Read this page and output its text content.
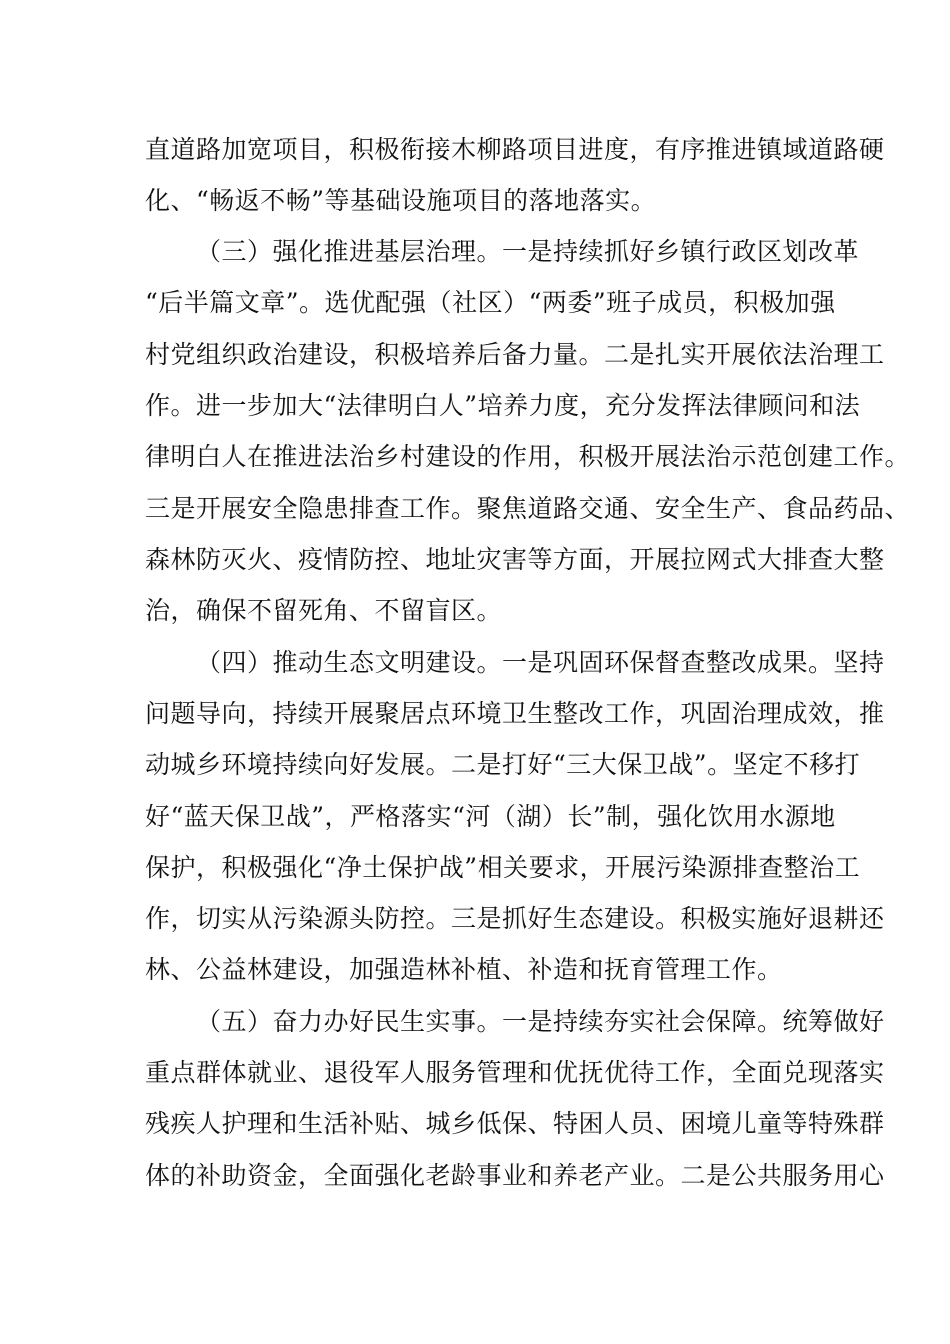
直道路加宽项目，积极衔接木柳路项目进度，有序推进镇域道路硬
化、“畅返不畅”等基础设施项目的落地落实。
（三）强化推进基层治理。一是持续抓好乡镇行政区划改革
“后半篇文章”。选优配强（社区）“两委”班子成员，积极加强
村党组织政治建设，积极培养后备力量。二是扎实开展依法治理工
作。进一步加大“法律明白人”培养力度，充分发挥法律顾问和法
律明白人在推进法治乡村建设的作用，积极开展法治示范创建工作。
三是开展安全隐患排查工作。聚焦道路交通、安全生产、食品药品、
森林防灭火、疫情防控、地址灾害等方面，开展拉网式大排查大整
治，确保不留死角、不留盲区。
（四）推动生态文明建设。一是巩固环保督查整改成果。坚持
问题导向，持续开展聚居点环境卫生整改工作，巩固治理成效，推
动城乡环境持续向好发展。二是打好“三大保卫战”。坚定不移打
好“蓝天保卫战”，严格落实“河（湖）长”制，强化饮用水源地
保护，积极强化“净土保护战”相关要求，开展污染源排查整治工
作，切实从污染源头防控。三是抓好生态建设。积极实施好退耕还
林、公益林建设，加强造林补植、补造和抚育管理工作。
（五）奋力办好民生实事。一是持续夯实社会保障。统筹做好
重点群体就业、退役军人服务管理和优抚优待工作，全面兑现落实
残疾人护理和生活补贴、城乡低保、特困人员、困境儿童等特殊群
体的补助资金，全面强化老龄事业和养老产业。二是公共服务用心
